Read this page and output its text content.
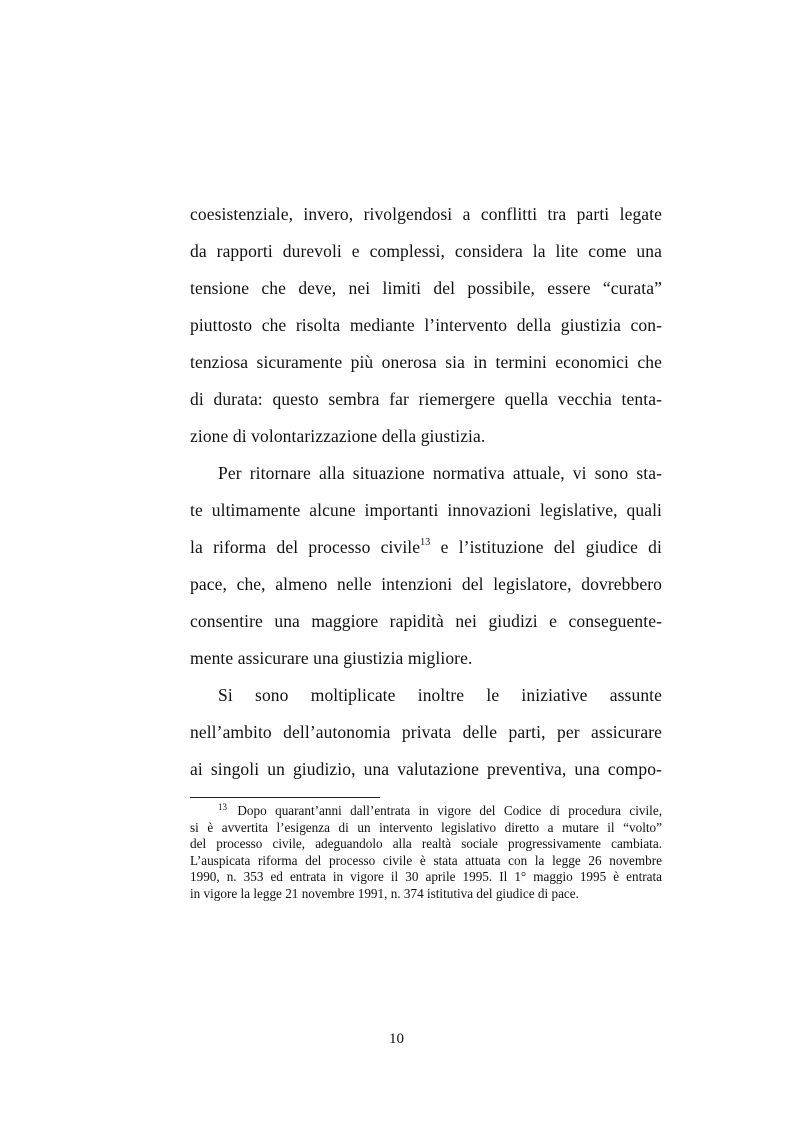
coesistenziale, invero, rivolgendosi a conflitti tra parti legate
da rapporti durevoli e complessi, considera la lite come una
tensione che deve, nei limiti del possibile, essere “curata”
piuttosto che risolta mediante l’intervento della giustizia con-
tenziosa sicuramente più onerosa sia in termini economici che
di durata: questo sembra far riemergere quella vecchia tenta-
zione di volontarizzazione della giustizia.
Per ritornare alla situazione normativa attuale, vi sono sta-
te ultimamente alcune importanti innovazioni legislative, quali
la riforma del processo civile$^{13}$ e l’istituzione del giudice di
pace, che, almeno nelle intenzioni del legislatore, dovrebbero
consentire una maggiore rapidità nei giudizi e conseguente-
mente assicurare una giustizia migliore.
Si sono moltiplicate inoltre le iniziative assunte
nell’ambito dell’autonomia privata delle parti, per assicurare
ai singoli un giudizio, una valutazione preventiva, una compo-
$^{13}$ Dopo quarant’anni dall’entrata in vigore del Codice di procedura civile,
si è avvertita l’esigenza di un intervento legislativo diretto a mutare il “volto”
del processo civile, adeguandolo alla realtà sociale progressivamente cambiata.
L’auspicata riforma del processo civile è stata attuata con la legge 26 novembre
1990, n. 353 ed entrata in vigore il 30 aprile 1995. Il 1° maggio 1995 è entrata
in vigore la legge 21 novembre 1991, n. 374 istitutiva del giudice di pace.
10
